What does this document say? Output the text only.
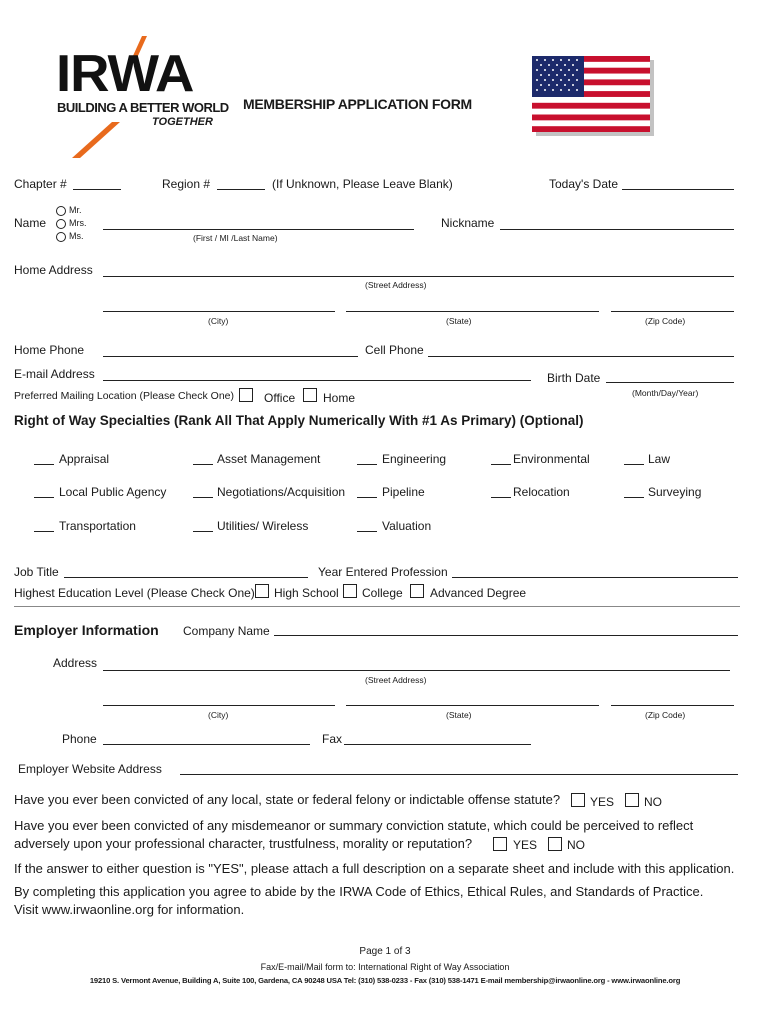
IRWA
BUILDING A BETTER WORLD
TOGETHER
MEMBERSHIP APPLICATION FORM
Chapter #	Region #	(If Unknown, Please Leave Blank)	Today's Date
Name
Mr.
Mrs.
Ms.	(First / MI /Last Name)
Nickname
Home Address
(Street Address)
(City)	(State)	(Zip Code)
Home Phone	Cell Phone
E-mail Address	Birth Date
(Month/Day/Year)
Preferred Mailing Location (Please Check One) Office Home
Right of Way Specialties (Rank All That Apply Numerically With #1 As Primary) (Optional)
Appraisal	Asset Management	Engineering	Environmental	Law
Local Public Agency	Negotiations/Acquisition	Pipeline	Relocation	Surveying
Transportation	Utilities/ Wireless	Valuation
Job Title	Year Entered Profession
Highest Education Level (Please Check One) High School College Advanced Degree
Employer Information Company Name
Address
(Street Address)
(City)	(State)	(Zip Code)
Phone	Fax
Employer Website Address
Have you ever been convicted of any local, state or federal felony or indictable offense statute? YES NO
Have you ever been convicted of any misdemeanor or summary conviction statute, which could be perceived to reflect
adversely upon your professional character, trustfulness, morality or reputation?	YES NO
If the answer to either question is "YES", please attach a full description on a separate sheet and include with this application.
By completing this application you agree to abide by the IRWA Code of Ethics, Ethical Rules, and Standards of Practice.
Visit www.irwaonline.org for information.
Page 1 of 3
Fax/E-mail/Mail form to: International Right of Way Association
19210 S. Vermont Avenue, Building A, Suite 100, Gardena, CA 90248 USA Tel: (310) 538-0233 - Fax (310) 538-1471 E-mail membership@irwaonline.org - www.irwaonline.org
